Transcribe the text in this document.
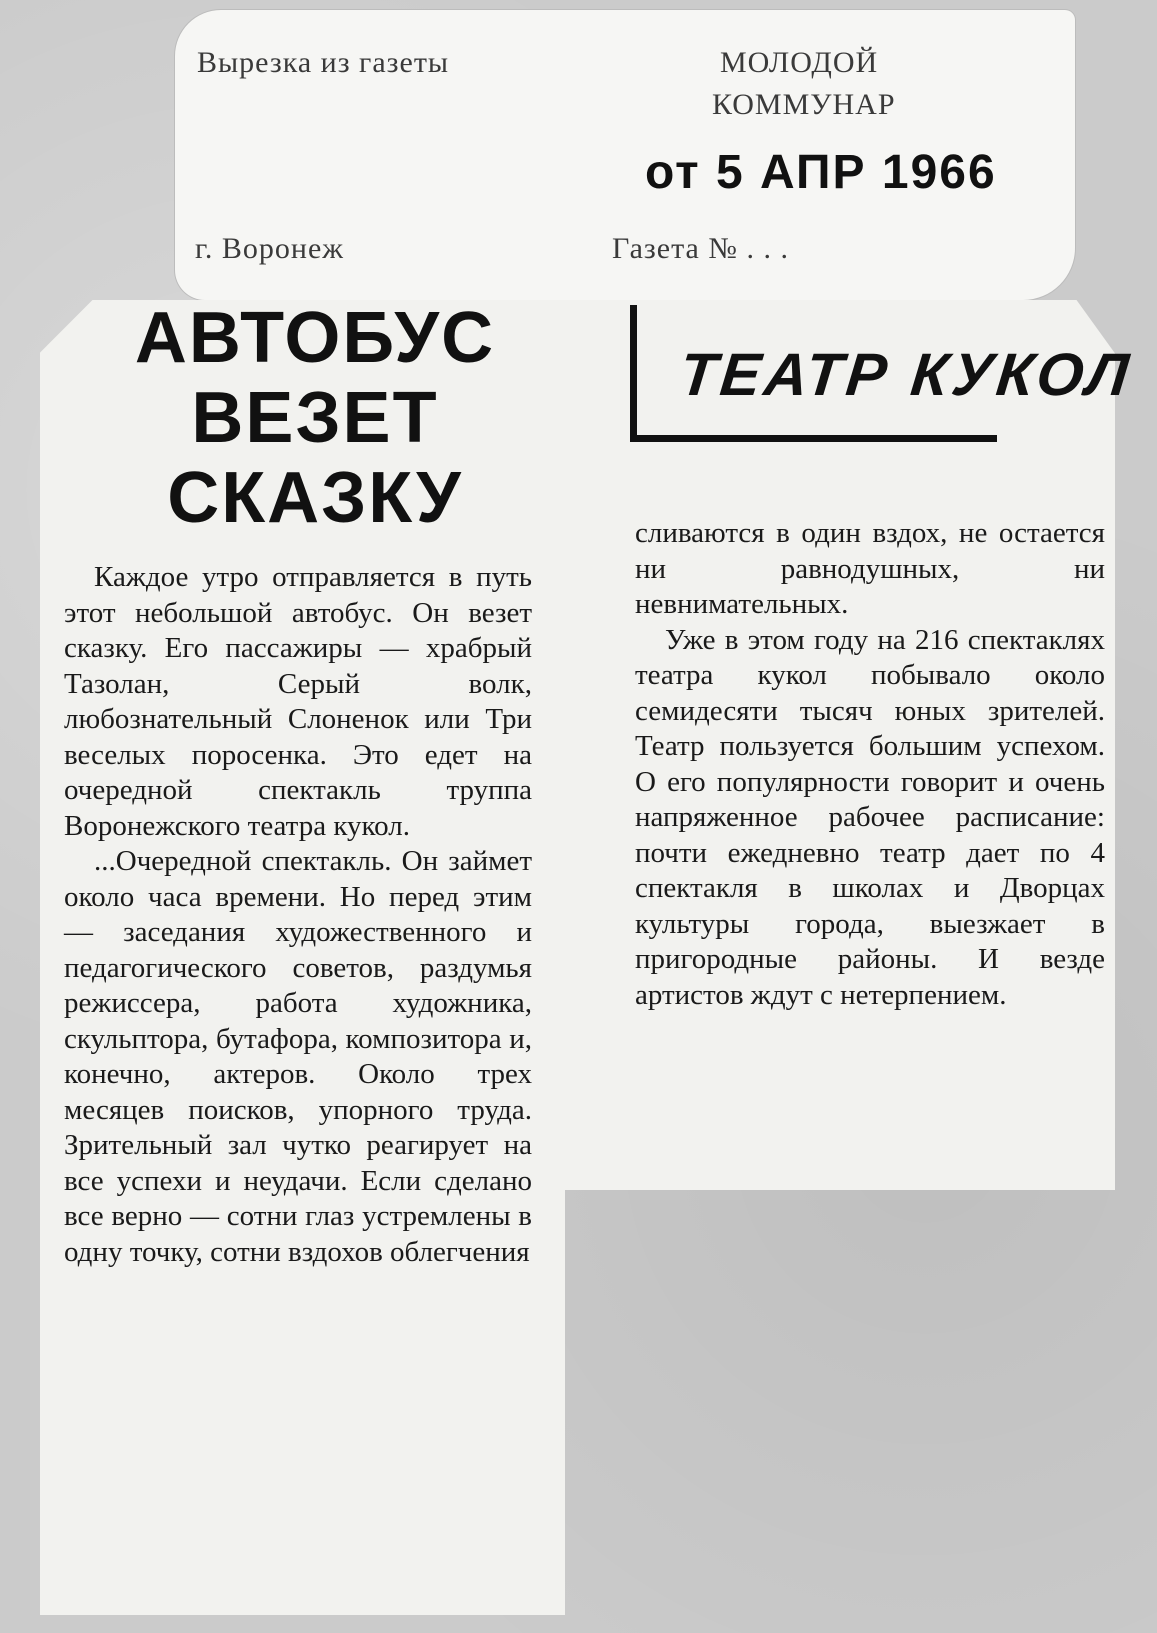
Вырезка из газеты	МОЛОДОЙ
КОММУНАР
от 5 АПР 1966
г. Воронеж	Газета № . . .
АВТОБУС ВЕЗЕТ СКАЗКУ
ТЕАТР КУКОЛ

Каждое утро отправляется в путь этот небольшой автобус. Он везет сказку. Его пассажиры — храбрый Тазолан, Серый волк, любознательный Слоненок или Три веселых поросенка. Это едет на очередной спектакль труппа Воронежского театра кукол.

...Очередной спектакль. Он займет около часа времени. Но перед этим — заседания художественного и педагогического советов, раздумья режиссера, работа художника, скульптора, бутафора, композитора и, конечно, актеров. Около трех месяцев поисков, упорного труда. Зрительный зал чутко реагирует на все успехи и неудачи. Если сделано все верно — сотни глаз устремлены в одну точку, сотни вздохов облегчения

сливаются в один вздох, не остается ни равнодушных, ни невнимательных.

Уже в этом году на 216 спектаклях театра кукол побывало около семидесяти тысяч юных зрителей. Театр пользуется большим успехом. О его популярности говорит и очень напряженное рабочее расписание: почти ежедневно театр дает по 4 спектакля в школах и Дворцах культуры города, выезжает в пригородные районы. И везде артистов ждут с нетерпением.
